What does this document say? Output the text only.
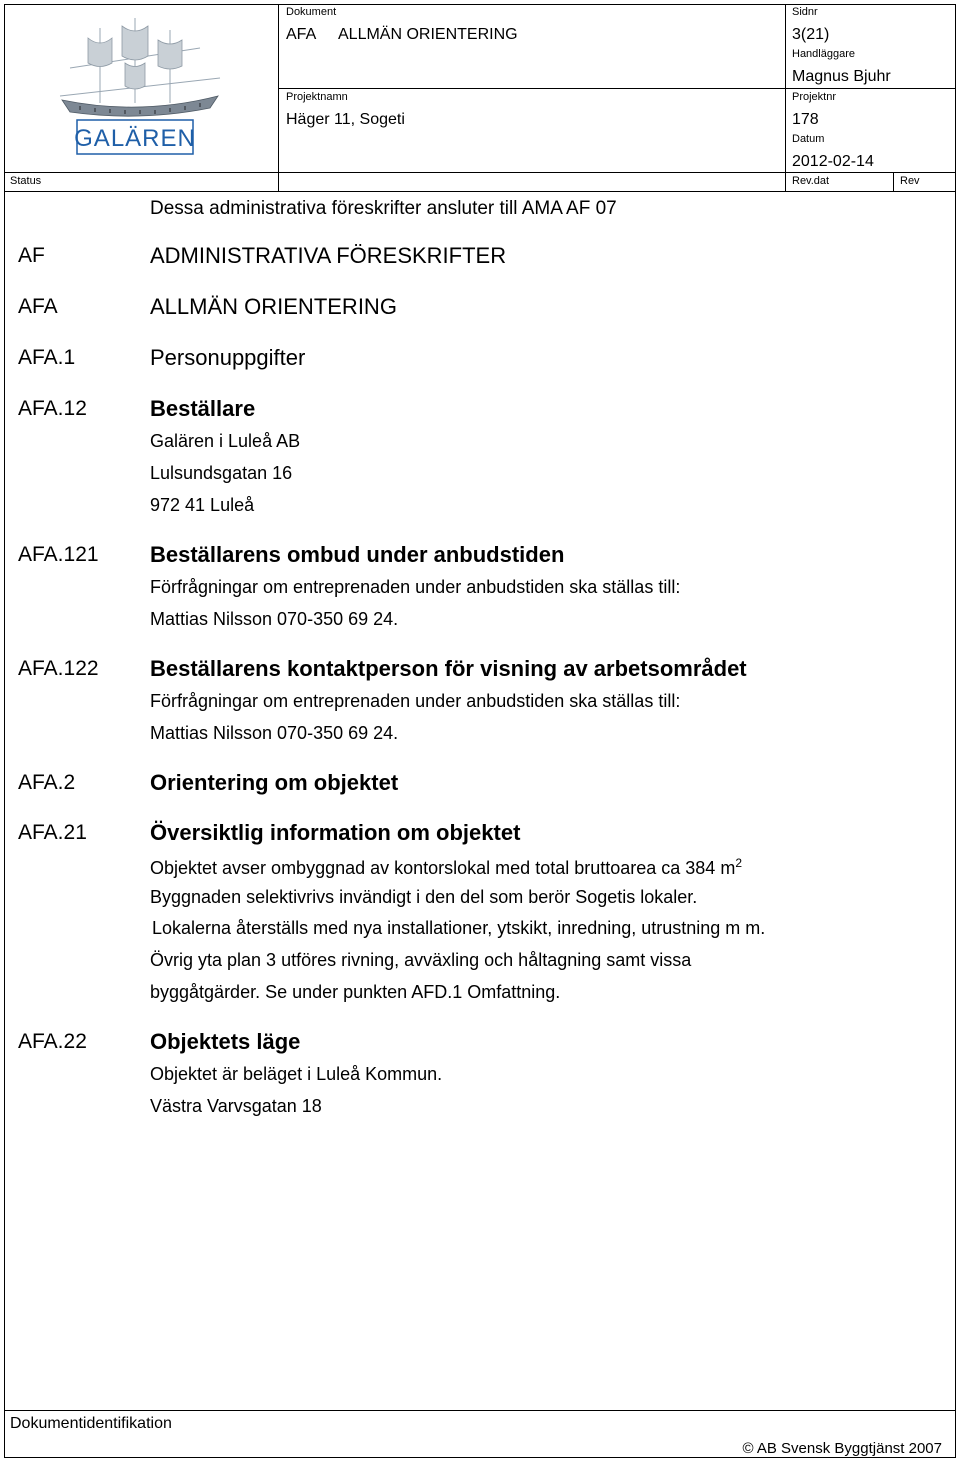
GALÄREN
Dokument
AFA ALLMÄN ORIENTERING
Sidnr
3(21)
Handläggare
Magnus Bjuhr
Projektnamn
Häger 11, Sogeti
Projektnr
178
Datum
2012-02-14
Status	Rev.dat	Rev
Dessa administrativa föreskrifter ansluter till AMA AF 07
AF	ADMINISTRATIVA FÖRESKRIFTER
AFA	ALLMÄN ORIENTERING
AFA.1	Personuppgifter
AFA.12	Beställare
Galären i Luleå AB
Lulsundsgatan 16
972 41 Luleå
AFA.121 Beställarens ombud under anbudstiden
Förfrågningar om entreprenaden under anbudstiden ska ställas till:
Mattias Nilsson 070-350 69 24.
AFA.122 Beställarens kontaktperson för visning av arbetsområdet
Förfrågningar om entreprenaden under anbudstiden ska ställas till:
Mattias Nilsson 070-350 69 24.
AFA.2	Orientering om objektet
AFA.21	Översiktlig information om objektet
Objektet avser ombyggnad av kontorslokal med total bruttoarea ca 384 $m^2$
Byggnaden selektivrivs invändigt i den del som berör Sogetis lokaler.
Lokalerna återställs med nya installationer, ytskikt, inredning, utrustning m m.
Övrig yta plan 3 utföres rivning, avväxling och håltagning samt vissa
byggåtgärder. Se under punkten AFD.1 Omfattning.
AFA.22	Objektets läge
Objektet är beläget i Luleå Kommun.
Västra Varvsgatan 18
Dokumentidentifikation
© AB Svensk Byggtjänst 2007
